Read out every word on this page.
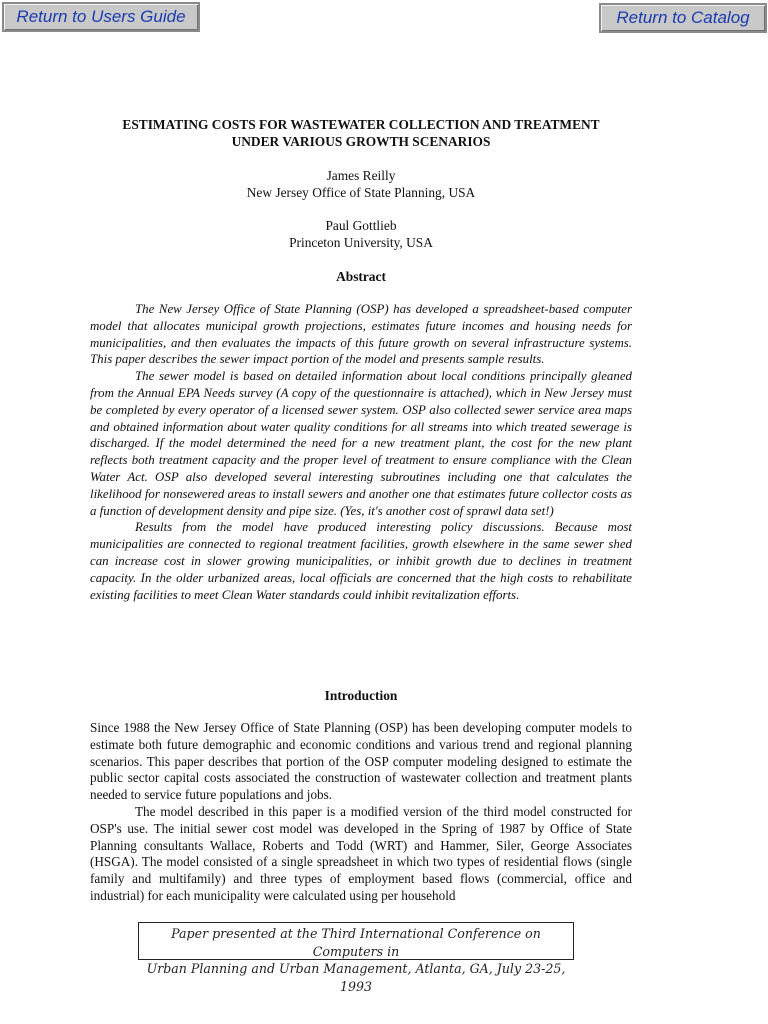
Return to Users Guide	Return to Catalog
ESTIMATING COSTS FOR WASTEWATER COLLECTION AND TREATMENT
UNDER VARIOUS GROWTH SCENARIOS
James Reilly
New Jersey Office of State Planning, USA
Paul Gottlieb
Princeton University, USA
Abstract

The New Jersey Office of State Planning (OSP) has developed a spreadsheet-based computer model that allocates municipal growth projections, estimates future incomes and housing needs for municipalities, and then evaluates the impacts of this future growth on several infrastructure systems. This paper describes the sewer impact portion of the model and presents sample results.

The sewer model is based on detailed information about local conditions principally gleaned from the Annual EPA Needs survey (A copy of the questionnaire is attached), which in New Jersey must be completed by every operator of a licensed sewer system. OSP also collected sewer service area maps and obtained information about water quality conditions for all streams into which treated sewerage is discharged. If the model determined the need for a new treatment plant, the cost for the new plant reflects both treatment capacity and the proper level of treatment to ensure compliance with the Clean Water Act. OSP also developed several interesting subroutines including one that calculates the likelihood for nonsewered areas to install sewers and another one that estimates future collector costs as a function of development density and pipe size. (Yes, it's another cost of sprawl data set!)

Results from the model have produced interesting policy discussions. Because most municipalities are connected to regional treatment facilities, growth elsewhere in the same sewer shed can increase cost in slower growing municipalities, or inhibit growth due to declines in treatment capacity. In the older urbanized areas, local officials are concerned that the high costs to rehabilitate existing facilities to meet Clean Water standards could inhibit revitalization efforts.

Introduction

Since 1988 the New Jersey Office of State Planning (OSP) has been developing computer models to estimate both future demographic and economic conditions and various trend and regional planning scenarios. This paper describes that portion of the OSP computer modeling designed to estimate the public sector capital costs associated the construction of wastewater collection and treatment plants needed to service future populations and jobs.

The model described in this paper is a modified version of the third model constructed for OSP's use. The initial sewer cost model was developed in the Spring of 1987 by Office of State Planning consultants Wallace, Roberts and Todd (WRT) and Hammer, Siler, George Associates (HSGA). The model consisted of a single spreadsheet in which two types of residential flows (single family and multifamily) and three types of employment based flows (commercial, office and industrial) for each municipality were calculated using per household

Paper presented at the Third International Conference on Computers in
Urban Planning and Urban Management, Atlanta, GA, July 23-25, 1993
